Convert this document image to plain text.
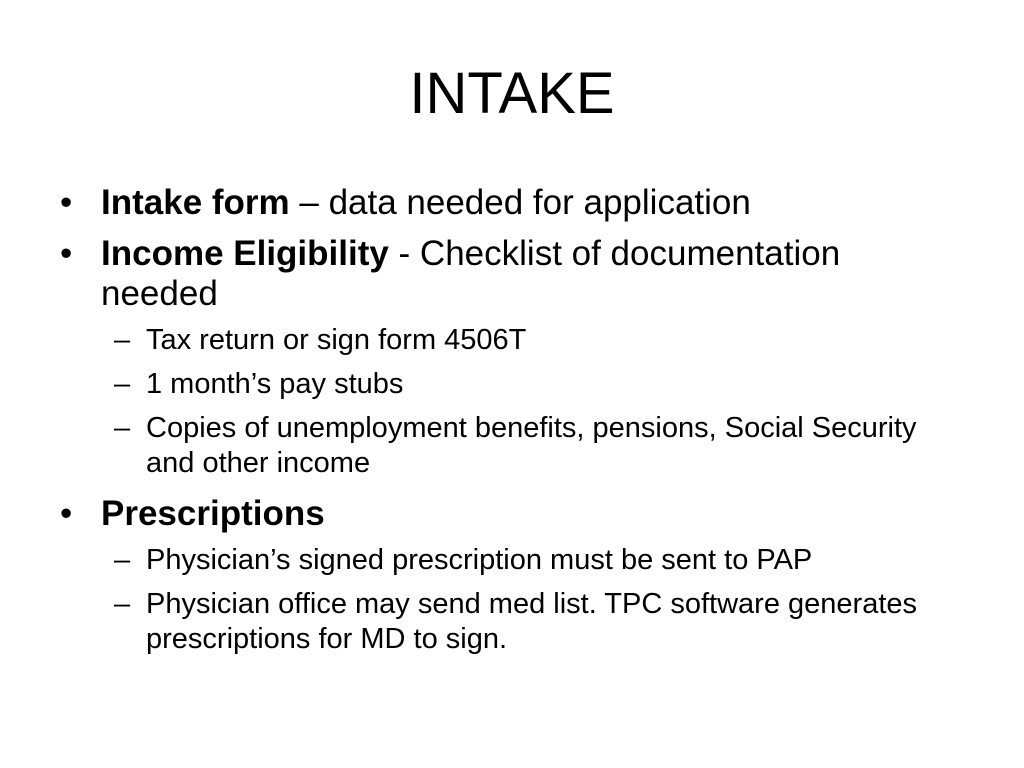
INTAKE
• Intake form – data needed for application
• Income Eligibility - Checklist of documentation needed
– Tax return or sign form 4506T
– 1 month’s pay stubs
– Copies of unemployment benefits, pensions, Social Security and other income
• Prescriptions
– Physician’s signed prescription must be sent to PAP
– Physician office may send med list. TPC software generates prescriptions for MD to sign.
